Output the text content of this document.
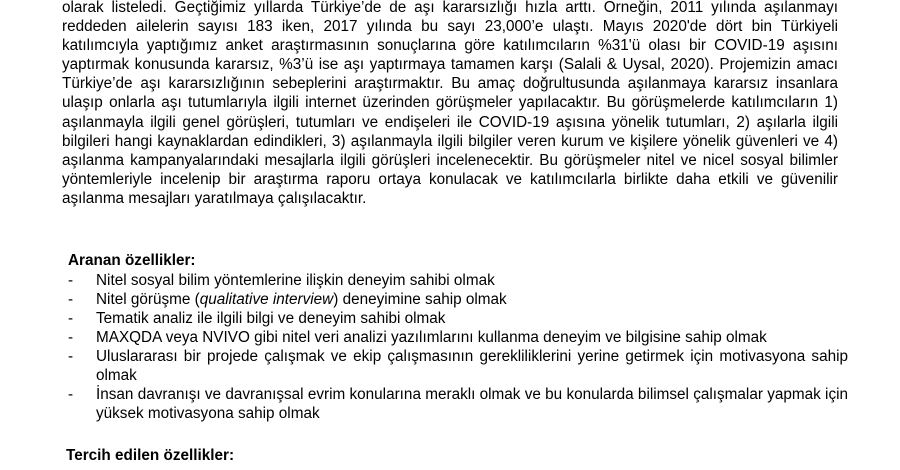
olarak listeledi. Geçtiğimiz yıllarda Türkiye’de de aşı kararsızlığı hızla arttı. Örneğin, 2011 yılında aşılanmayı reddeden ailelerin sayısı 183 iken, 2017 yılında bu sayı 23,000’e ulaştı. Mayıs 2020'de dört bin Türkiyeli katılımcıyla yaptığımız anket araştırmasının sonuçlarına göre katılımcıların %31'ü olası bir COVID-19 aşısını yaptırmak konusunda kararsız, %3’ü ise aşı yaptırmaya tamamen karşı (Salali & Uysal, 2020). Projemizin amacı Türkiye’de aşı kararsızlığının sebeplerini araştırmaktır. Bu amaç doğrultusunda aşılanmaya kararsız insanlara ulaşıp onlarla aşı tutumlarıyla ilgili internet üzerinden görüşmeler yapılacaktır. Bu görüşmelerde katılımcıların 1) aşılanmayla ilgili genel görüşleri, tutumları ve endişeleri ile COVID-19 aşısına yönelik tutumları, 2) aşılarla ilgili bilgileri hangi kaynaklardan edindikleri, 3) aşılanmayla ilgili bilgiler veren kurum ve kişilere yönelik güvenleri ve 4) aşılanma kampanyalarındaki mesajlarla ilgili görüşleri incelenecektir. Bu görüşmeler nitel ve nicel sosyal bilimler yöntemleriyle incelenip bir araştırma raporu ortaya konulacak ve katılımcılarla birlikte daha etkili ve güvenilir aşılanma mesajları yaratılmaya çalışılacaktır.

Aranan özellikler:

- Nitel sosyal bilim yöntemlerine ilişkin deneyim sahibi olmak
- Nitel görüşme (qualitative interview) deneyimine sahip olmak
- Tematik analiz ile ilgili bilgi ve deneyim sahibi olmak
- MAXQDA veya NVIVO gibi nitel veri analizi yazılımlarını kullanma deneyim ve bilgisine sahip olmak
- Uluslararası bir projede çalışmak ve ekip çalışmasının gerekliliklerini yerine getirmek için motivasyona sahip olmak
- İnsan davranışı ve davranışsal evrim konularına meraklı olmak ve bu konularda bilimsel çalışmalar yapmak için yüksek motivasyona sahip olmak

Tercih edilen özellikler:
